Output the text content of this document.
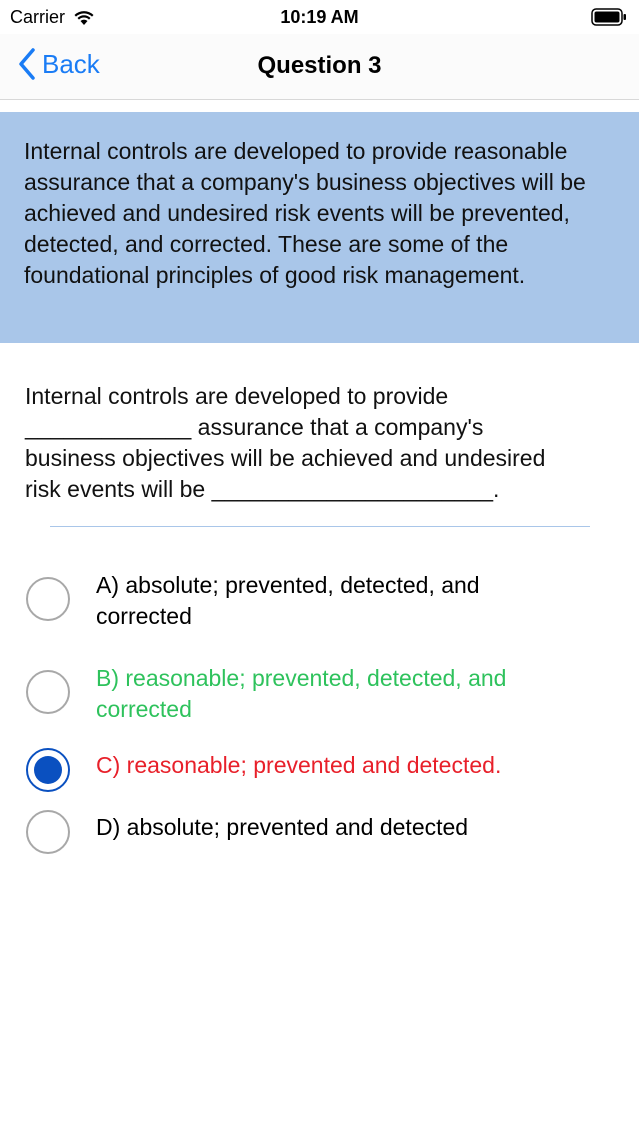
Carrier	10:19 AM
Back	Question 3
Internal controls are developed to provide reasonable assurance that a company's business objectives will be achieved and undesired risk events will be prevented, detected, and corrected. These are some of the foundational principles of good risk management.
Internal controls are developed to provide
_____________ assurance that a company's
business objectives will be achieved and undesired
risk events will be ______________________.
A) absolute; prevented, detected, and corrected
B) reasonable; prevented, detected, and corrected
C) reasonable; prevented and detected.
D) absolute; prevented and detected
